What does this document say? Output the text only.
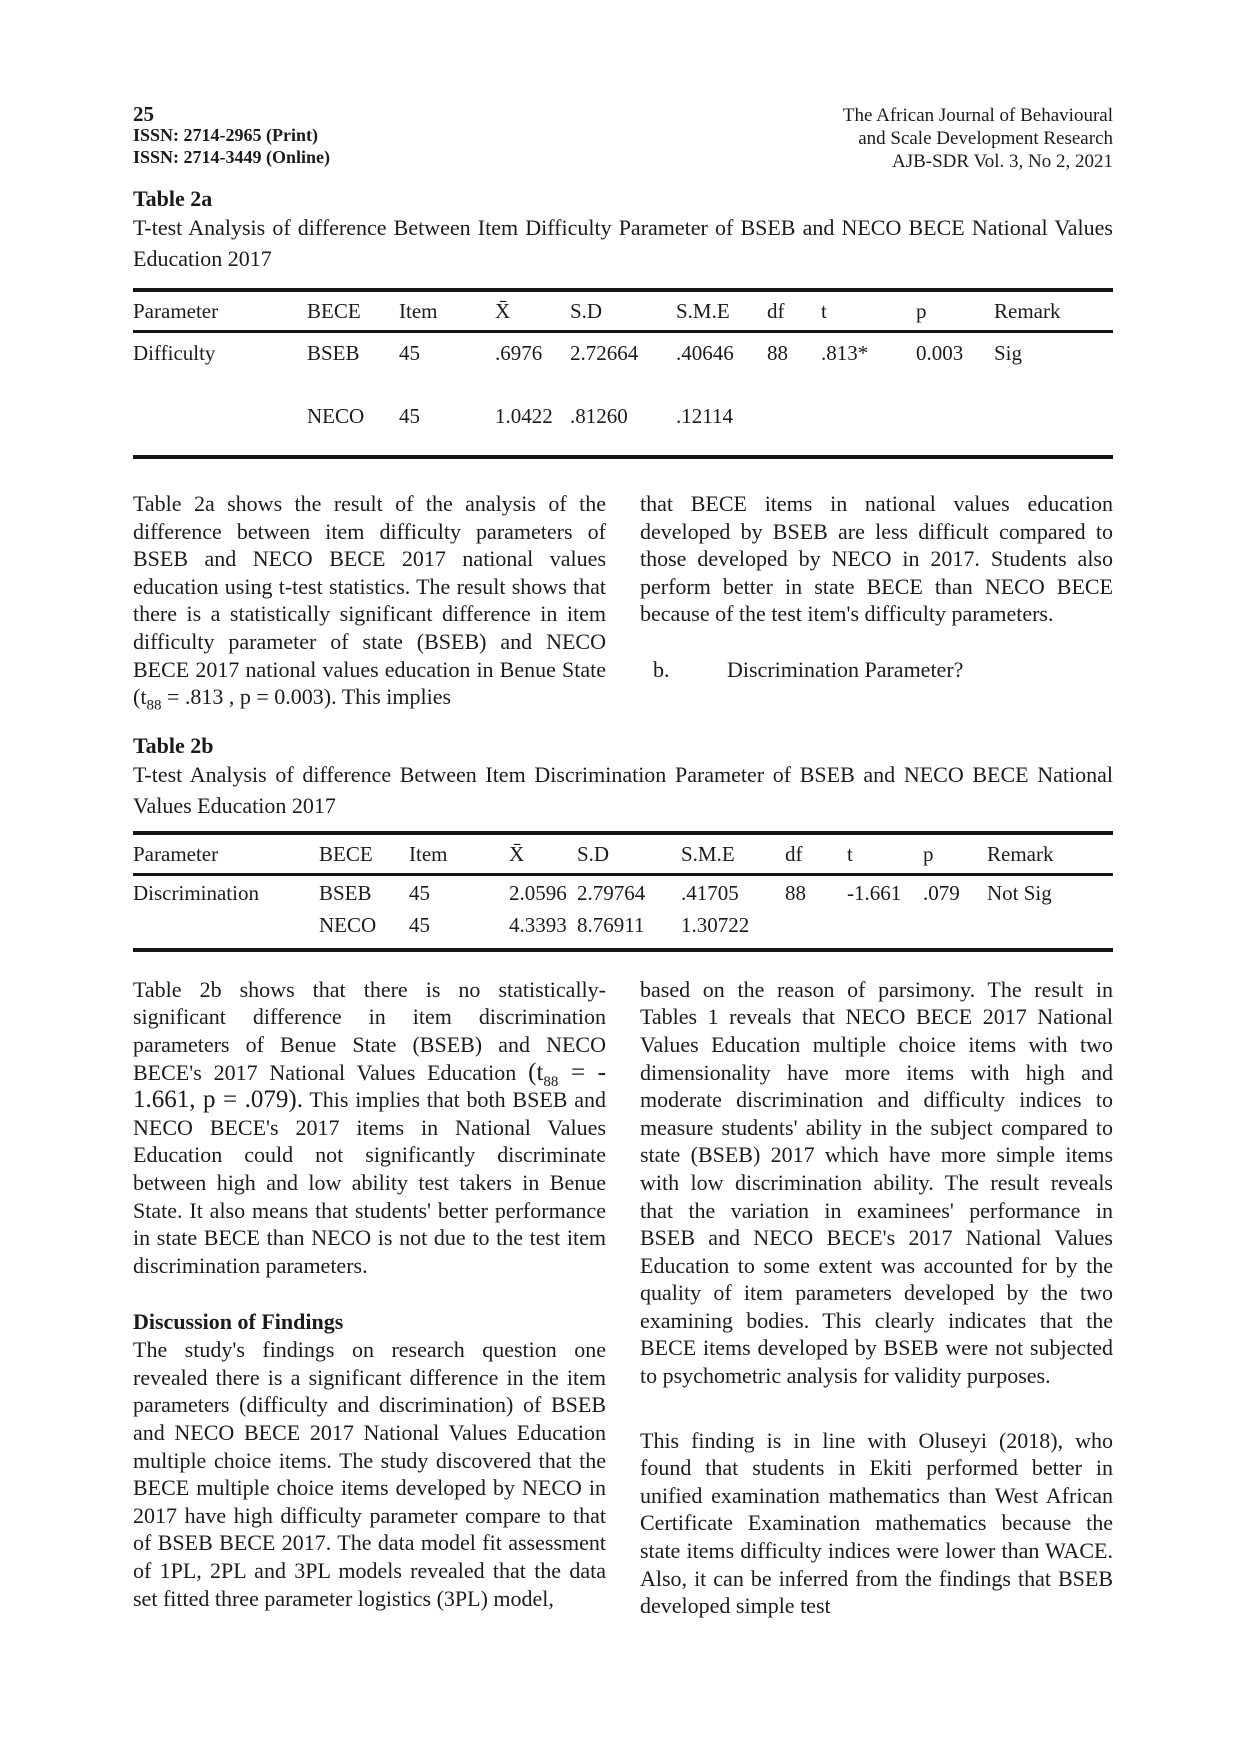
25
ISSN: 2714-2965 (Print)
ISSN: 2714-3449 (Online)
The African Journal of Behavioural
and Scale Development Research
AJB-SDR Vol. 3, No 2, 2021
Table 2a
T-test Analysis of difference Between Item Difficulty Parameter of BSEB and NECO BECE National Values Education 2017
Parameter	BECE	Item	X̄	S.D	S.M.E	df	t	p	Remark
Difficulty	BSEB	45	.6976	2.72664	.40646	88	.813*	0.003	Sig
	NECO	45	1.0422	.81260	.12114				

Table 2a shows the result of the analysis of the difference between item difficulty parameters of BSEB and NECO BECE 2017 national values education using t-test statistics. The result shows that there is a statistically significant difference in item difficulty parameter of state (BSEB) and NECO BECE 2017 national values education in Benue State ($t_{88} = .813$ , p = 0.003). This implies

that BECE items in national values education developed by BSEB are less difficult compared to those developed by NECO in 2017. Students also perform better in state BECE than NECO BECE because of the test item's difficulty parameters.

b.	Discrimination Parameter?
Table 2b
T-test Analysis of difference Between Item Discrimination Parameter of BSEB and NECO BECE National Values Education 2017
Parameter	BECE	Item	X̄	S.D	S.M.E	df	t	p	Remark
Discrimination	BSEB	45	2.0596	2.79764	.41705	88	-1.661	.079	Not Sig
	NECO	45	4.3393	8.76911	1.30722				

Table 2b shows that there is no statistically-significant difference in item discrimination parameters of Benue State (BSEB) and NECO BECE's 2017 National Values Education ($t_{88}$ = - 1.661, p = .079). This implies that both BSEB and NECO BECE's 2017 items in National Values Education could not significantly discriminate between high and low ability test takers in Benue State. It also means that students' better performance in state BECE than NECO is not due to the test item discrimination parameters.

Discussion of Findings

The study's findings on research question one revealed there is a significant difference in the item parameters (difficulty and discrimination) of BSEB and NECO BECE 2017 National Values Education multiple choice items. The study discovered that the BECE multiple choice items developed by NECO in 2017 have high difficulty parameter compare to that of BSEB BECE 2017. The data model fit assessment of 1PL, 2PL and 3PL models revealed that the data set fitted three parameter logistics (3PL) model,

based on the reason of parsimony. The result in Tables 1 reveals that NECO BECE 2017 National Values Education multiple choice items with two dimensionality have more items with high and moderate discrimination and difficulty indices to measure students' ability in the subject compared to state (BSEB) 2017 which have more simple items with low discrimination ability. The result reveals that the variation in examinees' performance in BSEB and NECO BECE's 2017 National Values Education to some extent was accounted for by the quality of item parameters developed by the two examining bodies. This clearly indicates that the BECE items developed by BSEB were not subjected to psychometric analysis for validity purposes.

This finding is in line with Oluseyi (2018), who found that students in Ekiti performed better in unified examination mathematics than West African Certificate Examination mathematics because the state items difficulty indices were lower than WACE. Also, it can be inferred from the findings that BSEB developed simple test
